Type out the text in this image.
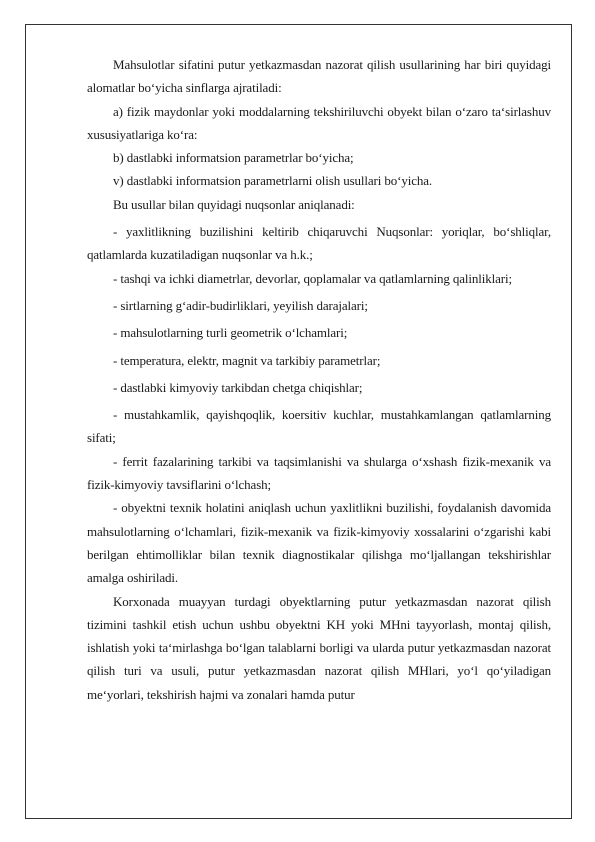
Mahsulotlar sifatini putur yetkazmasdan nazorat qilish usullarining har biri quyidagi alomatlar bo‘yicha sinflarga ajratiladi:

a) fizik maydonlar yoki moddalarning tekshiriluvchi obyekt bilan o‘zaro ta‘sirlashuv xususiyatlariga ko‘ra:

b) dastlabki informatsion parametrlar bo‘yicha;

v) dastlabki informatsion parametrlarni olish usullari bo‘yicha.

Bu usullar bilan quyidagi nuqsonlar aniqlanadi:

- yaxlitlikning buzilishini keltirib chiqaruvchi Nuqsonlar: yoriqlar, bo‘shliqlar, qatlamlarda kuzatiladigan nuqsonlar va h.k.;

- tashqi va ichki diametrlar, devorlar, qoplamalar va qatlamlarning qalinliklari;

- sirtlarning g‘adir-budirliklari, yeyilish darajalari;

- mahsulotlarning turli geometrik o‘lchamlari;

- temperatura, elektr, magnit va tarkibiy parametrlar;

- dastlabki kimyoviy tarkibdan chetga chiqishlar;

- mustahkamlik, qayishqoqlik, koersitiv kuchlar, mustahkamlangan qatlamlarning sifati;

- ferrit fazalarining tarkibi va taqsimlanishi va shularga o‘xshash fizik-mexanik va fizik-kimyoviy tavsiflarini o‘lchash;

- obyektni texnik holatini aniqlash uchun yaxlitlikni buzilishi, foydalanish davomida mahsulotlarning o‘lchamlari, fizik-mexanik va fizik-kimyoviy xossalarini o‘zgarishi kabi berilgan ehtimolliklar bilan texnik diagnostikalar qilishga mo‘ljallangan tekshirishlar amalga oshiriladi.

Korxonada muayyan turdagi obyektlarning putur yetkazmasdan nazorat qilish tizimini tashkil etish uchun ushbu obyektni KH yoki MHni tayyorlash, montaj qilish, ishlatish yoki ta‘mirlashga bo‘lgan talablarni borligi va ularda putur yetkazmasdan nazorat qilish turi va usuli, putur yetkazmasdan nazorat qilish MHlari, yo‘l qo‘yiladigan me‘yorlari, tekshirish hajmi va zonalari hamda putur
